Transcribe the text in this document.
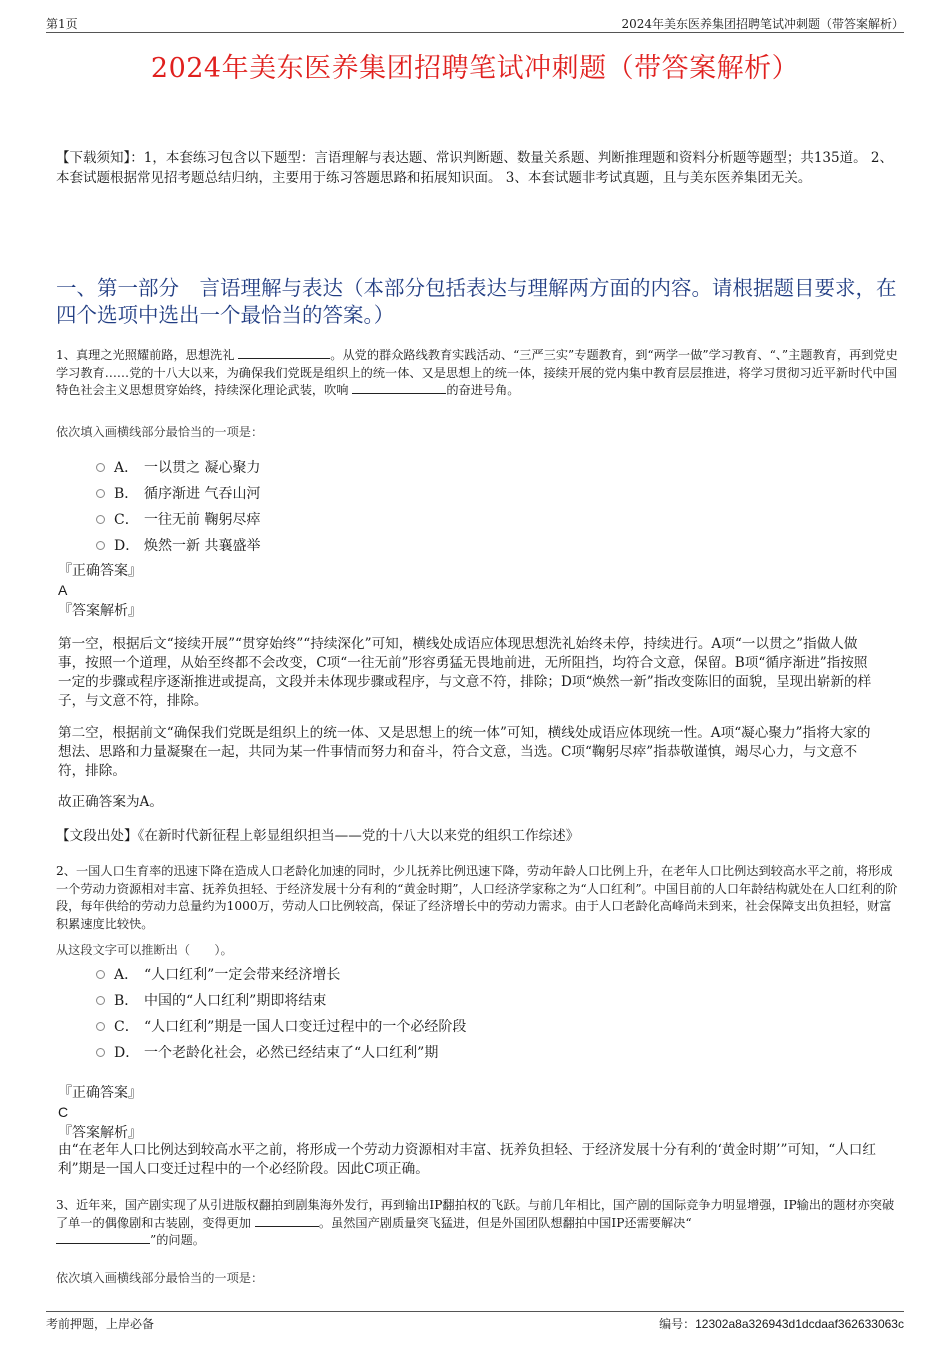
第1页	2024年美东医养集团招聘笔试冲刺题（带答案解析）
2024年美东医养集团招聘笔试冲刺题（带答案解析）
【下载须知】：1，本套练习包含以下题型：言语理解与表达题、常识判断题、数量关系题、判断推理题和资料分析题等题型；共135道。 2、本套试题根据常见招考题总结归纳，主要用于练习答题思路和拓展知识面。 3、本套试题非考试真题，且与美东医养集团无关。
一、第一部分　言语理解与表达（本部分包括表达与理解两方面的内容。请根据题目要求，在四个选项中选出一个最恰当的答案。）
1、真理之光照耀前路，思想洗礼	。从党的群众路线教育实践活动、“三严三实”专题教育，到“两学一做”学习教育、“、”主题教育，再到党史学习教育……党的十八大以来，为确保我们党既是组织上的统一体、又是思想上的统一体，接续开展的党内集中教育层层推进，将学习贯彻习近平新时代中国特色社会主义思想贯穿始终，持续深化理论武装，吹响	的奋进号角。
依次填入画横线部分最恰当的一项是：
A． 一以贯之 凝心聚力
B． 循序渐进 气吞山河
C． 一往无前 鞠躬尽瘁
D． 焕然一新 共襄盛举
『正确答案』
A
『答案解析』
第一空，根据后文“接续开展”“贯穿始终”“持续深化”可知，横线处成语应体现思想洗礼始终未停，持续进行。A项“一以贯之”指做人做事，按照一个道理，从始至终都不会改变，C项“一往无前”形容勇猛无畏地前进，无所阻挡，均符合文意，保留。B项“循序渐进”指按照一定的步骤或程序逐渐推进或提高，文段并未体现步骤或程序，与文意不符，排除；D项“焕然一新”指改变陈旧的面貌，呈现出崭新的样子，与文意不符，排除。
第二空，根据前文“确保我们党既是组织上的统一体、又是思想上的统一体”可知，横线处成语应体现统一性。A项“凝心聚力”指将大家的想法、思路和力量凝聚在一起，共同为某一件事情而努力和奋斗，符合文意，当选。C项“鞠躬尽瘁”指恭敬谨慎，竭尽心力，与文意不符，排除。
故正确答案为A。
【文段出处】《在新时代新征程上彰显组织担当——党的十八大以来党的组织工作综述》
2、一国人口生育率的迅速下降在造成人口老龄化加速的同时，少儿抚养比例迅速下降，劳动年龄人口比例上升，在老年人口比例达到较高水平之前，将形成一个劳动力资源相对丰富、抚养负担轻、于经济发展十分有利的“黄金时期”，人口经济学家称之为“人口红利”。中国目前的人口年龄结构就处在人口红利的阶段，每年供给的劳动力总量约为1000万，劳动人口比例较高，保证了经济增长中的劳动力需求。由于人口老龄化高峰尚未到来，社会保障支出负担轻，财富积累速度比较快。
从这段文字可以推断出（　　）。
A． “人口红利”一定会带来经济增长
B． 中国的“人口红利”期即将结束
C． “人口红利”期是一国人口变迁过程中的一个必经阶段
D． 一个老龄化社会，必然已经结束了“人口红利”期
『正确答案』
C
『答案解析』
由“在老年人口比例达到较高水平之前，将形成一个劳动力资源相对丰富、抚养负担轻、于经济发展十分有利的‘黄金时期’”可知，“人口红利”期是一国人口变迁过程中的一个必经阶段。因此C项正确。
3、近年来，国产剧实现了从引进版权翻拍到剧集海外发行，再到输出IP翻拍权的飞跃。与前几年相比，国产剧的国际竞争力明显增强，IP输出的题材亦突破了单一的偶像剧和古装剧，变得更加	。虽然国产剧质量突飞猛进，但是外国团队想翻拍中国IP还需要解决“
”的问题。
依次填入画横线部分最恰当的一项是：
考前押题，上岸必备	编号：12302a8a326943d1dcdaaf362633063c
